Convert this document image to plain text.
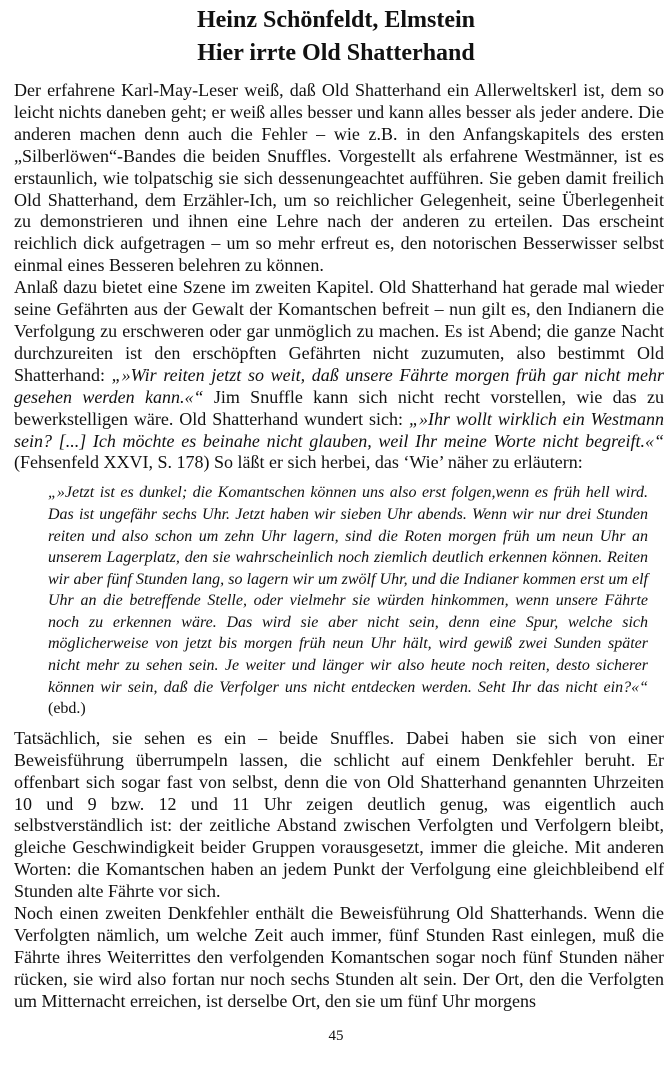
Heinz Schönfeldt, Elmstein
Hier irrte Old Shatterhand

Der erfahrene Karl-May-Leser weiß, daß Old Shatterhand ein Allerweltskerl ist, dem so leicht nichts daneben geht; er weiß alles besser und kann alles besser als jeder andere. Die anderen machen denn auch die Fehler – wie z.B. in den Anfangskapitels des ersten „Silberlöwen“-Bandes die beiden Snuffles. Vorgestellt als erfahrene Westmänner, ist es erstaunlich, wie tolpatschig sie sich dessenungeachtet aufführen. Sie geben damit freilich Old Shatterhand, dem Erzähler-Ich, um so reichlicher Gelegenheit, seine Überlegenheit zu demonstrieren und ihnen eine Lehre nach der anderen zu erteilen. Das erscheint reichlich dick aufgetragen – um so mehr erfreut es, den notorischen Besserwisser selbst einmal eines Besseren belehren zu können.

Anlaß dazu bietet eine Szene im zweiten Kapitel. Old Shatterhand hat gerade mal wieder seine Gefährten aus der Gewalt der Komantschen befreit – nun gilt es, den Indianern die Verfolgung zu erschweren oder gar unmöglich zu machen. Es ist Abend; die ganze Nacht durchzureiten ist den erschöpften Gefährten nicht zuzumuten, also bestimmt Old Shatterhand: „»Wir reiten jetzt so weit, daß unsere Fährte morgen früh gar nicht mehr gesehen werden kann.«“ Jim Snuffle kann sich nicht recht vorstellen, wie das zu bewerkstelligen wäre. Old Shatterhand wundert sich: „»Ihr wollt wirklich ein Westmann sein? [...] Ich möchte es beinahe nicht glauben, weil Ihr meine Worte nicht begreift.«“ (Fehsenfeld XXVI, S. 178) So läßt er sich herbei, das ‘Wie’ näher zu erläutern:

„»Jetzt ist es dunkel; die Komantschen können uns also erst folgen,wenn es früh hell wird. Das ist ungefähr sechs Uhr. Jetzt haben wir sieben Uhr abends. Wenn wir nur drei Stunden reiten und also schon um zehn Uhr lagern, sind die Roten morgen früh um neun Uhr an unserem Lagerplatz, den sie wahrscheinlich noch ziemlich deutlich erkennen können. Reiten wir aber fünf Stunden lang, so lagern wir um zwölf Uhr, und die Indianer kommen erst um elf Uhr an die betreffende Stelle, oder vielmehr sie würden hinkommen, wenn unsere Fährte noch zu erkennen wäre. Das wird sie aber nicht sein, denn eine Spur, welche sich möglicherweise von jetzt bis morgen früh neun Uhr hält, wird gewiß zwei Sunden später nicht mehr zu sehen sein. Je weiter und länger wir also heute noch reiten, desto sicherer können wir sein, daß die Verfolger uns nicht entdecken werden. Seht Ihr das nicht ein?«“ (ebd.)

Tatsächlich, sie sehen es ein – beide Snuffles. Dabei haben sie sich von einer Beweisführung überrumpeln lassen, die schlicht auf einem Denkfehler beruht. Er offenbart sich sogar fast von selbst, denn die von Old Shatterhand genannten Uhrzeiten 10 und 9 bzw. 12 und 11 Uhr zeigen deutlich genug, was eigentlich auch selbstverständlich ist: der zeitliche Abstand zwischen Verfolgten und Verfolgern bleibt, gleiche Geschwindigkeit beider Gruppen vorausgesetzt, immer die gleiche. Mit anderen Worten: die Komantschen haben an jedem Punkt der Verfolgung eine gleichbleibend elf Stunden alte Fährte vor sich.

Noch einen zweiten Denkfehler enthält die Beweisführung Old Shatterhands. Wenn die Verfolgten nämlich, um welche Zeit auch immer, fünf Stunden Rast einlegen, muß die Fährte ihres Weiterrittes den verfolgenden Komantschen sogar noch fünf Stunden näher rücken, sie wird also fortan nur noch sechs Stunden alt sein. Der Ort, den die Verfolgten um Mitternacht erreichen, ist derselbe Ort, den sie um fünf Uhr morgens

45
